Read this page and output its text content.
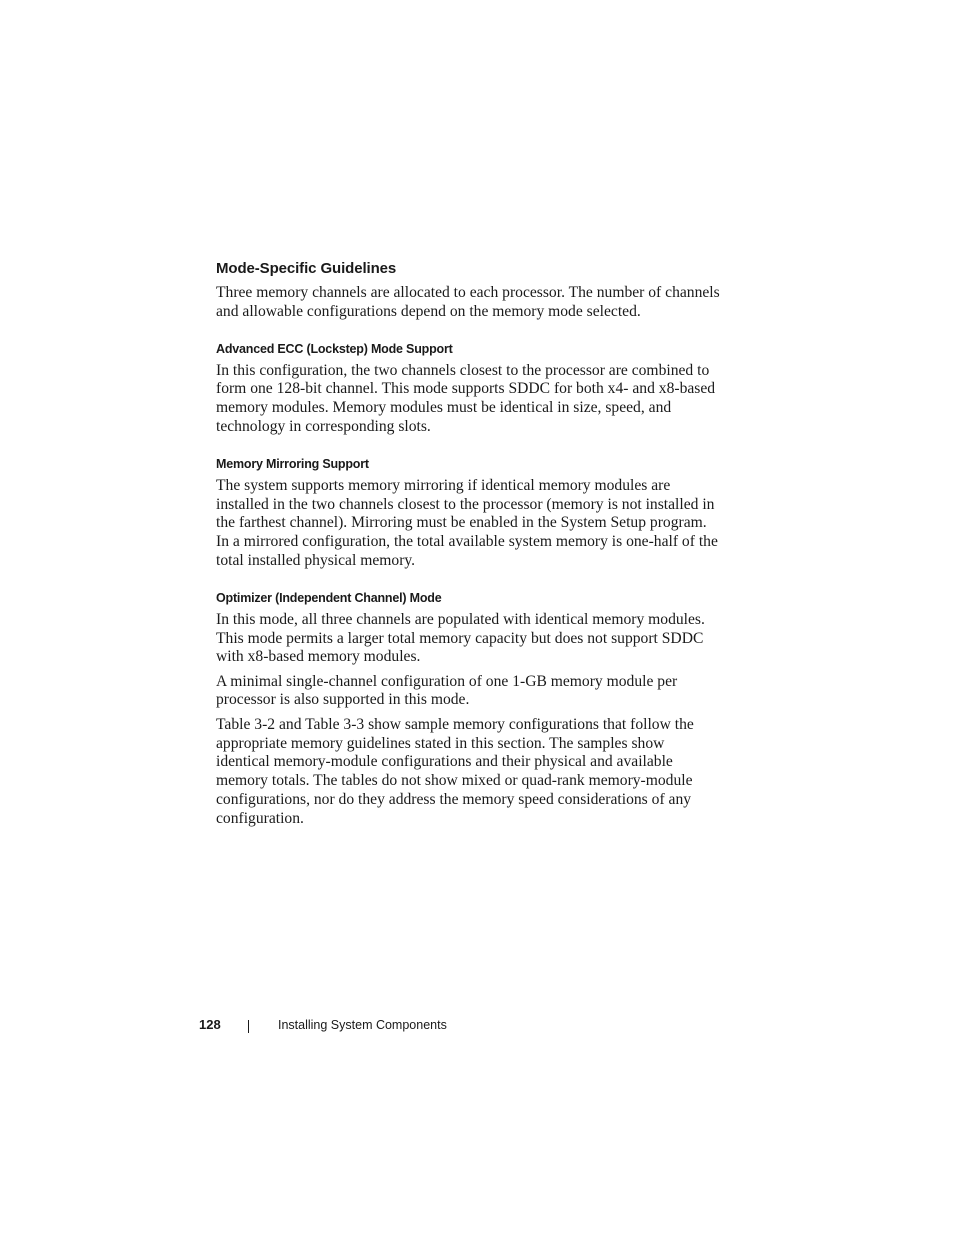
Mode-Specific Guidelines

Three memory channels are allocated to each processor. The number of channels and allowable configurations depend on the memory mode selected.

Advanced ECC (Lockstep) Mode Support

In this configuration, the two channels closest to the processor are combined to form one 128-bit channel. This mode supports SDDC for both x4- and x8-based memory modules. Memory modules must be identical in size, speed, and technology in corresponding slots.

Memory Mirroring Support

The system supports memory mirroring if identical memory modules are installed in the two channels closest to the processor (memory is not installed in the farthest channel). Mirroring must be enabled in the System Setup program. In a mirrored configuration, the total available system memory is one-half of the total installed physical memory.

Optimizer (Independent Channel) Mode

In this mode, all three channels are populated with identical memory modules. This mode permits a larger total memory capacity but does not support SDDC with x8-based memory modules.

A minimal single-channel configuration of one 1-GB memory module per processor is also supported in this mode.

Table 3-2 and Table 3-3 show sample memory configurations that follow the appropriate memory guidelines stated in this section. The samples show identical memory-module configurations and their physical and available memory totals. The tables do not show mixed or quad-rank memory-module configurations, nor do they address the memory speed considerations of any configuration.

128	Installing System Components
